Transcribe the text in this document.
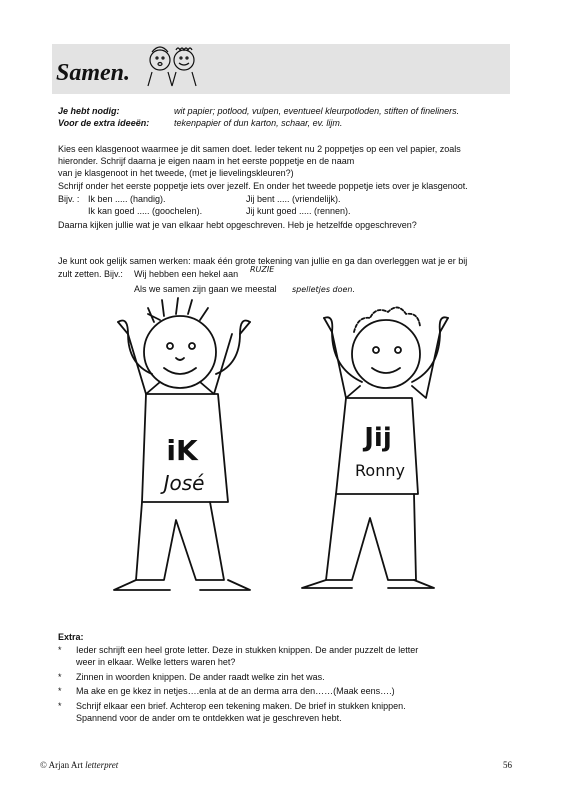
Samen.
Je hebt nodig:	wit papier; potlood, vulpen, eventueel kleurpotloden, stiften of fineliners.
Voor de extra ideeën:	tekenpapier of dun karton, schaar, ev. lijm.
Kies een klasgenoot waarmee je dit samen doet. Ieder tekent nu 2 poppetjes op een vel papier, zoals
hieronder. Schrijf daarna je eigen naam in het eerste poppetje en de naam
van je klasgenoot in het tweede, (met je lievelingskleuren?)
Schrijf onder het eerste poppetje iets over jezelf. En onder het tweede poppetje iets over je klasgenoot.
Bijv. : Ik ben ..... (handig).	Jij bent ..... (vriendelijk).
Ik kan goed ..... (goochelen).	Jij kunt goed ..... (rennen).
Daarna kijken jullie wat je van elkaar hebt opgeschreven. Heb je hetzelfde opgeschreven?
Je kunt ook gelijk samen werken: maak één grote tekening van jullie en ga dan overleggen wat je er bij
zult zetten. Bijv.: Wij hebben een hekel aan RUZIE
Als we samen zijn gaan we meestal spelletjes doen.
iK
José
Jij
Ronny
Extra:
* Ieder schrijft een heel grote letter. Deze in stukken knippen. De ander puzzelt de letter
weer in elkaar. Welke letters waren het?
* Zinnen in woorden knippen. De ander raadt welke zin het was.
* Ma ake en ge kkez in netjes….enla at de an derma arra den……(Maak eens….)
* Schrijf elkaar een brief. Achterop een tekening maken. De brief in stukken knippen.
Spannend voor de ander om te ontdekken wat je geschreven hebt.
© Arjan Art letterpret	56
